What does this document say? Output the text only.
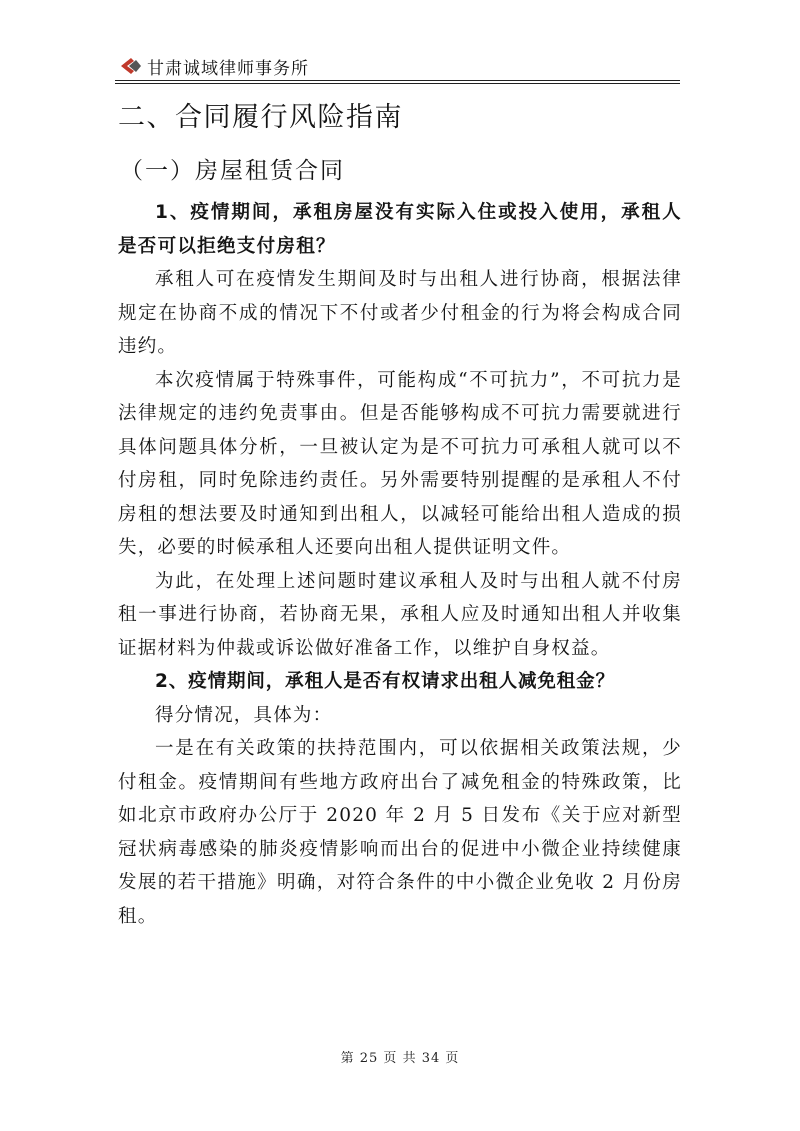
甘肃诚域律师事务所
二、合同履行风险指南
（一）房屋租赁合同

1、疫情期间，承租房屋没有实际入住或投入使用，承租人是否可以拒绝支付房租？

承租人可在疫情发生期间及时与出租人进行协商，根据法律规定在协商不成的情况下不付或者少付租金的行为将会构成合同违约。

本次疫情属于特殊事件，可能构成“不可抗力”，不可抗力是法律规定的违约免责事由。但是否能够构成不可抗力需要就进行具体问题具体分析，一旦被认定为是不可抗力可承租人就可以不付房租，同时免除违约责任。另外需要特别提醒的是承租人不付房租的想法要及时通知到出租人，以减轻可能给出租人造成的损失，必要的时候承租人还要向出租人提供证明文件。

为此，在处理上述问题时建议承租人及时与出租人就不付房租一事进行协商，若协商无果，承租人应及时通知出租人并收集证据材料为仲裁或诉讼做好准备工作，以维护自身权益。

2、疫情期间，承租人是否有权请求出租人减免租金？

得分情况，具体为：

一是在有关政策的扶持范围内，可以依据相关政策法规，少付租金。疫情期间有些地方政府出台了减免租金的特殊政策，比如北京市政府办公厅于 2020 年 2 月 5 日发布《关于应对新型冠状病毒感染的肺炎疫情影响而出台的促进中小微企业持续健康发展的若干措施》明确，对符合条件的中小微企业免收 2 月份房租。

第 25 页 共 34 页
